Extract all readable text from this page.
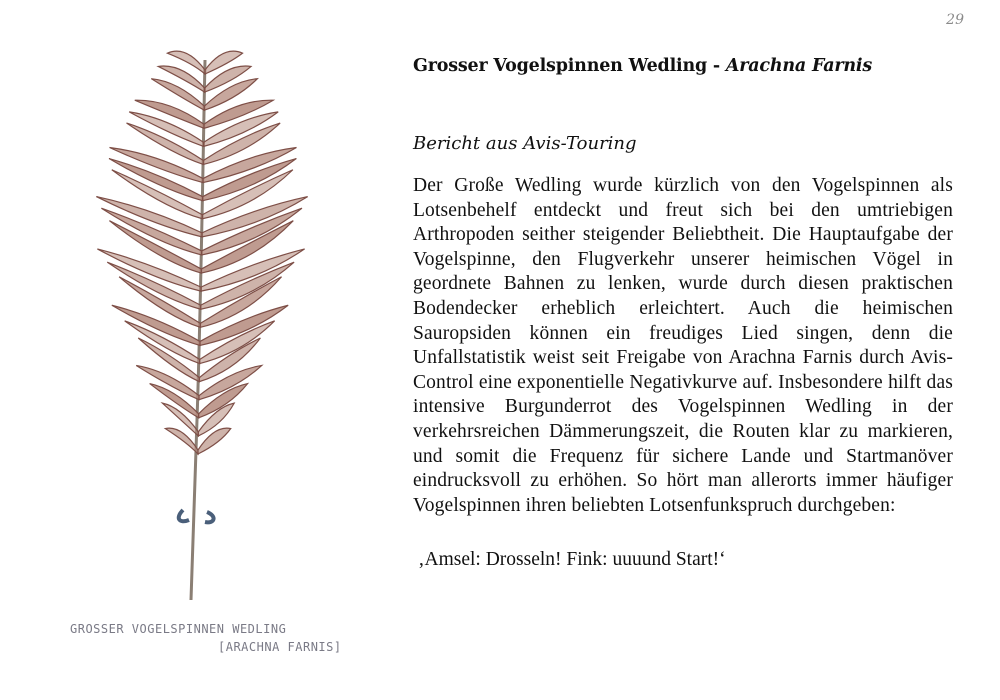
29
GROSSER VOGELSPINNEN WEDLING
[ARACHNA FARNIS]
Grosser Vogelspinnen Wedling - Arachna Farnis

Bericht aus Avis-Touring

Der Große Wedling wurde kürzlich von den Vogelspinnen als Lotsenbehelf entdeckt und freut sich bei den umtriebigen Arthropoden seither steigender Beliebtheit. Die Hauptaufgabe der Vogelspinne, den Flugverkehr unserer heimischen Vögel in geordnete Bahnen zu lenken, wurde durch diesen praktischen Bodendecker erheblich erleichtert. Auch die heimischen Sauropsiden können ein freudiges Lied singen, denn die Unfallstatistik weist seit Freigabe von Arachna Farnis durch Avis-Control eine exponentielle Negativkurve auf. Insbesondere hilft das intensive Burgunderrot des Vogelspinnen Wedling in der verkehrsreichen Dämmerungszeit, die Routen klar zu markieren, und somit die Frequenz für sichere Lande und Startmanöver eindrucksvoll zu erhöhen. So hört man allerorts immer häufiger Vogelspinnen ihren beliebten Lotsenfunkspruch durchgeben:

‚Amsel: Drosseln! Fink: uuuund Start!‘
